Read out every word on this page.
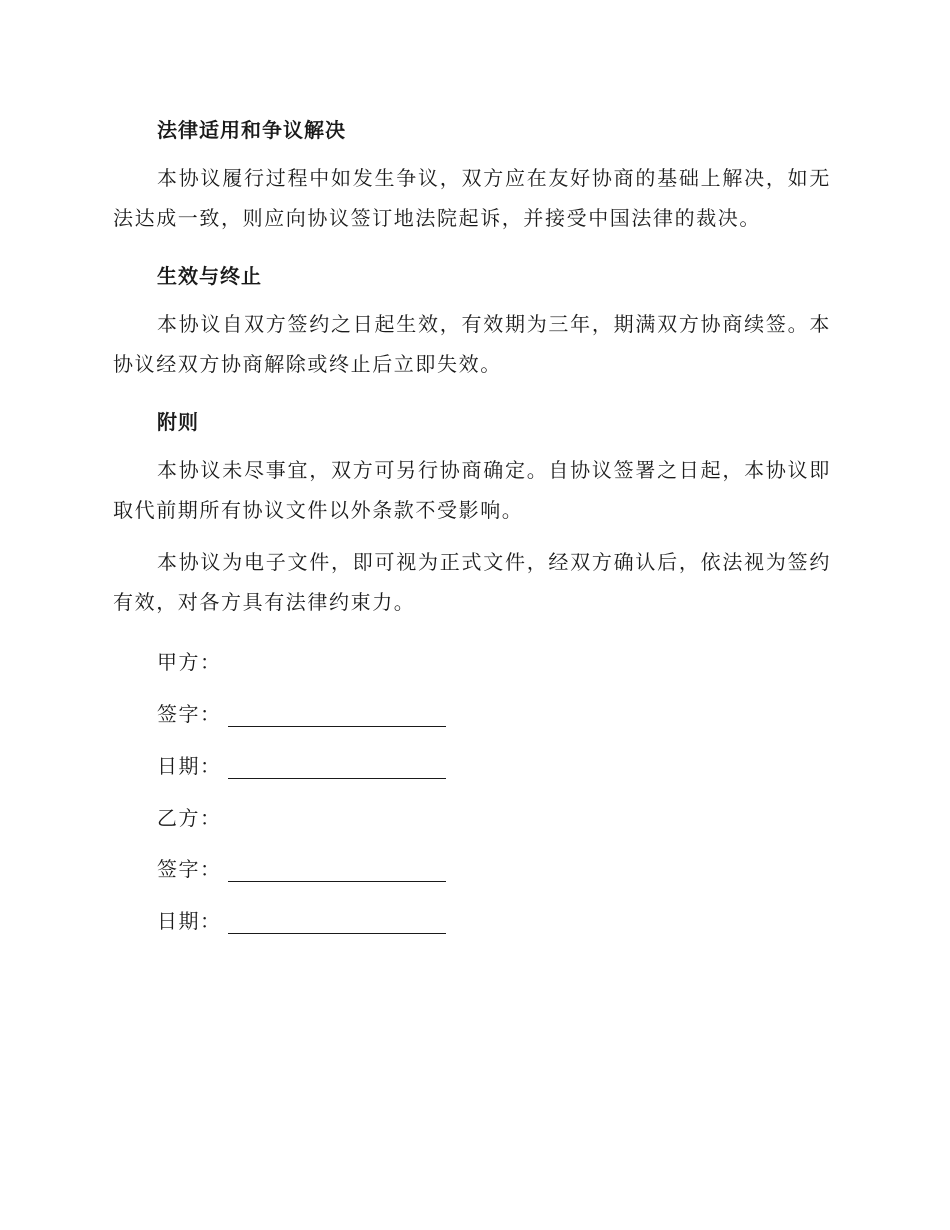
法律适用和争议解决
本协议履行过程中如发生争议，双方应在友好协商的基础上解决，如无法达成一致，则应向协议签订地法院起诉，并接受中国法律的裁决。
生效与终止
本协议自双方签约之日起生效，有效期为三年，期满双方协商续签。本协议经双方协商解除或终止后立即失效。
附则
本协议未尽事宜，双方可另行协商确定。自协议签署之日起，本协议即取代前期所有协议文件以外条款不受影响。
本协议为电子文件，即可视为正式文件，经双方确认后，依法视为签约有效，对各方具有法律约束力。
甲方：
签字：
日期：
乙方：
签字：
日期：
